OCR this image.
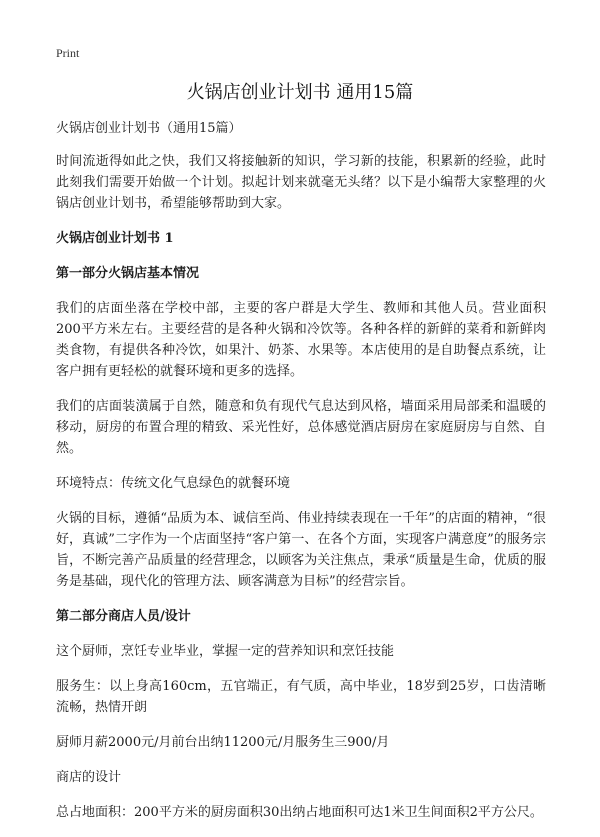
Print
火锅店创业计划书 通用15篇

火锅店创业计划书（通用15篇）

时间流逝得如此之快，我们又将接触新的知识，学习新的技能，积累新的经验，此时此刻我们需要开始做一个计划。拟起计划来就毫无头绪？以下是小编帮大家整理的火锅店创业计划书，希望能够帮助到大家。

火锅店创业计划书 1

第一部分火锅店基本情况

我们的店面坐落在学校中部，主要的客户群是大学生、教师和其他人员。营业面积200平方米左右。主要经营的是各种火锅和冷饮等。各种各样的新鲜的菜肴和新鲜肉类食物，有提供各种冷饮，如果汁、奶茶、水果等。本店使用的是自助餐点系统，让客户拥有更轻松的就餐环境和更多的选择。

我们的店面装潢属于自然，随意和负有现代气息达到风格，墙面采用局部柔和温暖的移动，厨房的布置合理的精致、采光性好，总体感觉酒店厨房在家庭厨房与自然、自然。

环境特点：传统文化气息绿色的就餐环境

火锅的目标，遵循“品质为本、诚信至尚、伟业持续表现在一千年”的店面的精神，“很好，真诚”二字作为一个店面坚持“客户第一、在各个方面，实现客户满意度”的服务宗旨，不断完善产品质量的经营理念，以顾客为关注焦点，秉承“质量是生命，优质的服务是基础，现代化的管理方法、顾客满意为目标”的经营宗旨。

第二部分商店人员/设计

这个厨师，烹饪专业毕业，掌握一定的营养知识和烹饪技能

服务生：以上身高160cm，五官端正，有气质，高中毕业，18岁到25岁，口齿清晰流畅，热情开朗

厨师月薪2000元/月前台出纳11200元/月服务生三900/月

商店的设计

总占地面积：200平方米的厨房面积30出纳占地面积可达1米卫生间面积2平方公尺。
